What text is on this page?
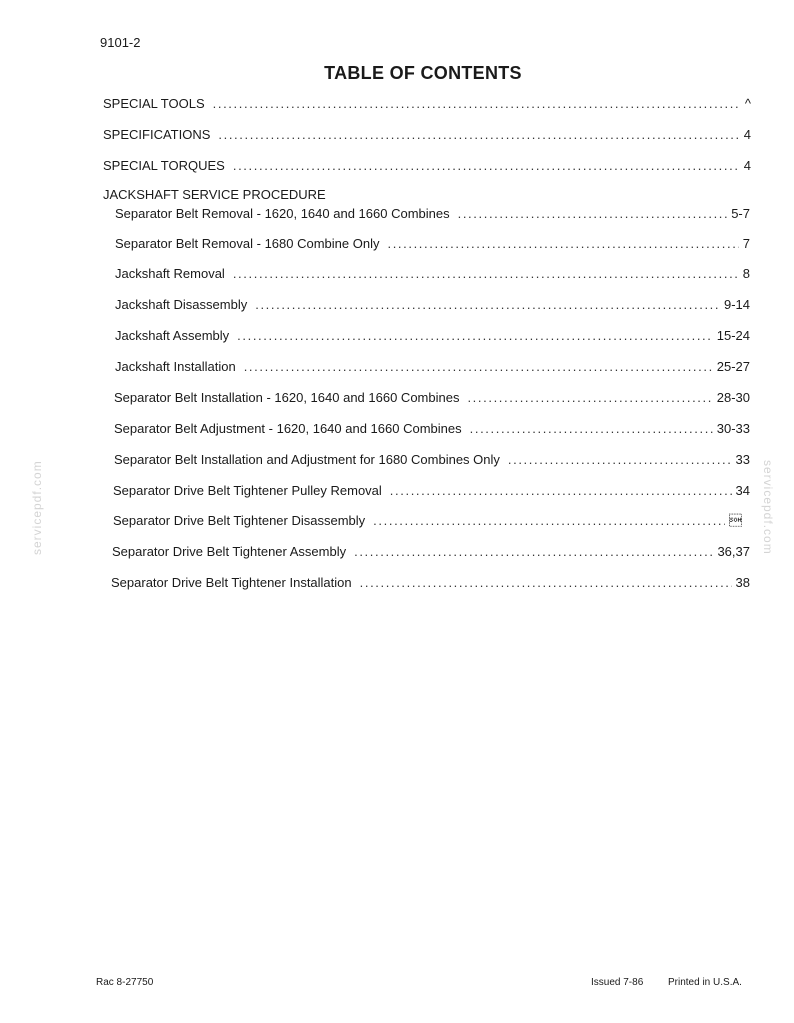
9101-2
TABLE OF CONTENTS
SPECIAL TOOLS . . .	^
SPECIFICATIONS . . .	4
SPECIAL TORQUES . . .	4
JACKSHAFT SERVICE PROCEDURE
Separator Belt Removal - 1620, 1640 and 1660 Combines . . .	5-7
Separator Belt Removal - 1680 Combine Only . . .	7
Jackshaft Removal . . .	8
Jackshaft Disassembly . . .	9-14
Jackshaft Assembly . . .	15-24
Jackshaft Installation . . .	25-27
Separator Belt Installation - 1620, 1640 and 1660 Combines . . .	28-30
Separator Belt Adjustment - 1620, 1640 and 1660 Combines . . .	30-33
Separator Belt Installation and Adjustment for 1680 Combines Only . . .	33
Separator Drive Belt Tightener Pulley Removal . . .	34
Separator Drive Belt Tightener Disassembly . . .	
Separator Drive Belt Tightener Assembly . . .	36,37
Separator Drive Belt Tightener Installation . . .	38
servicepdf.com	servicepdf.com
Rac 8-27750	Issued 7-86 Printed in U.S.A.
